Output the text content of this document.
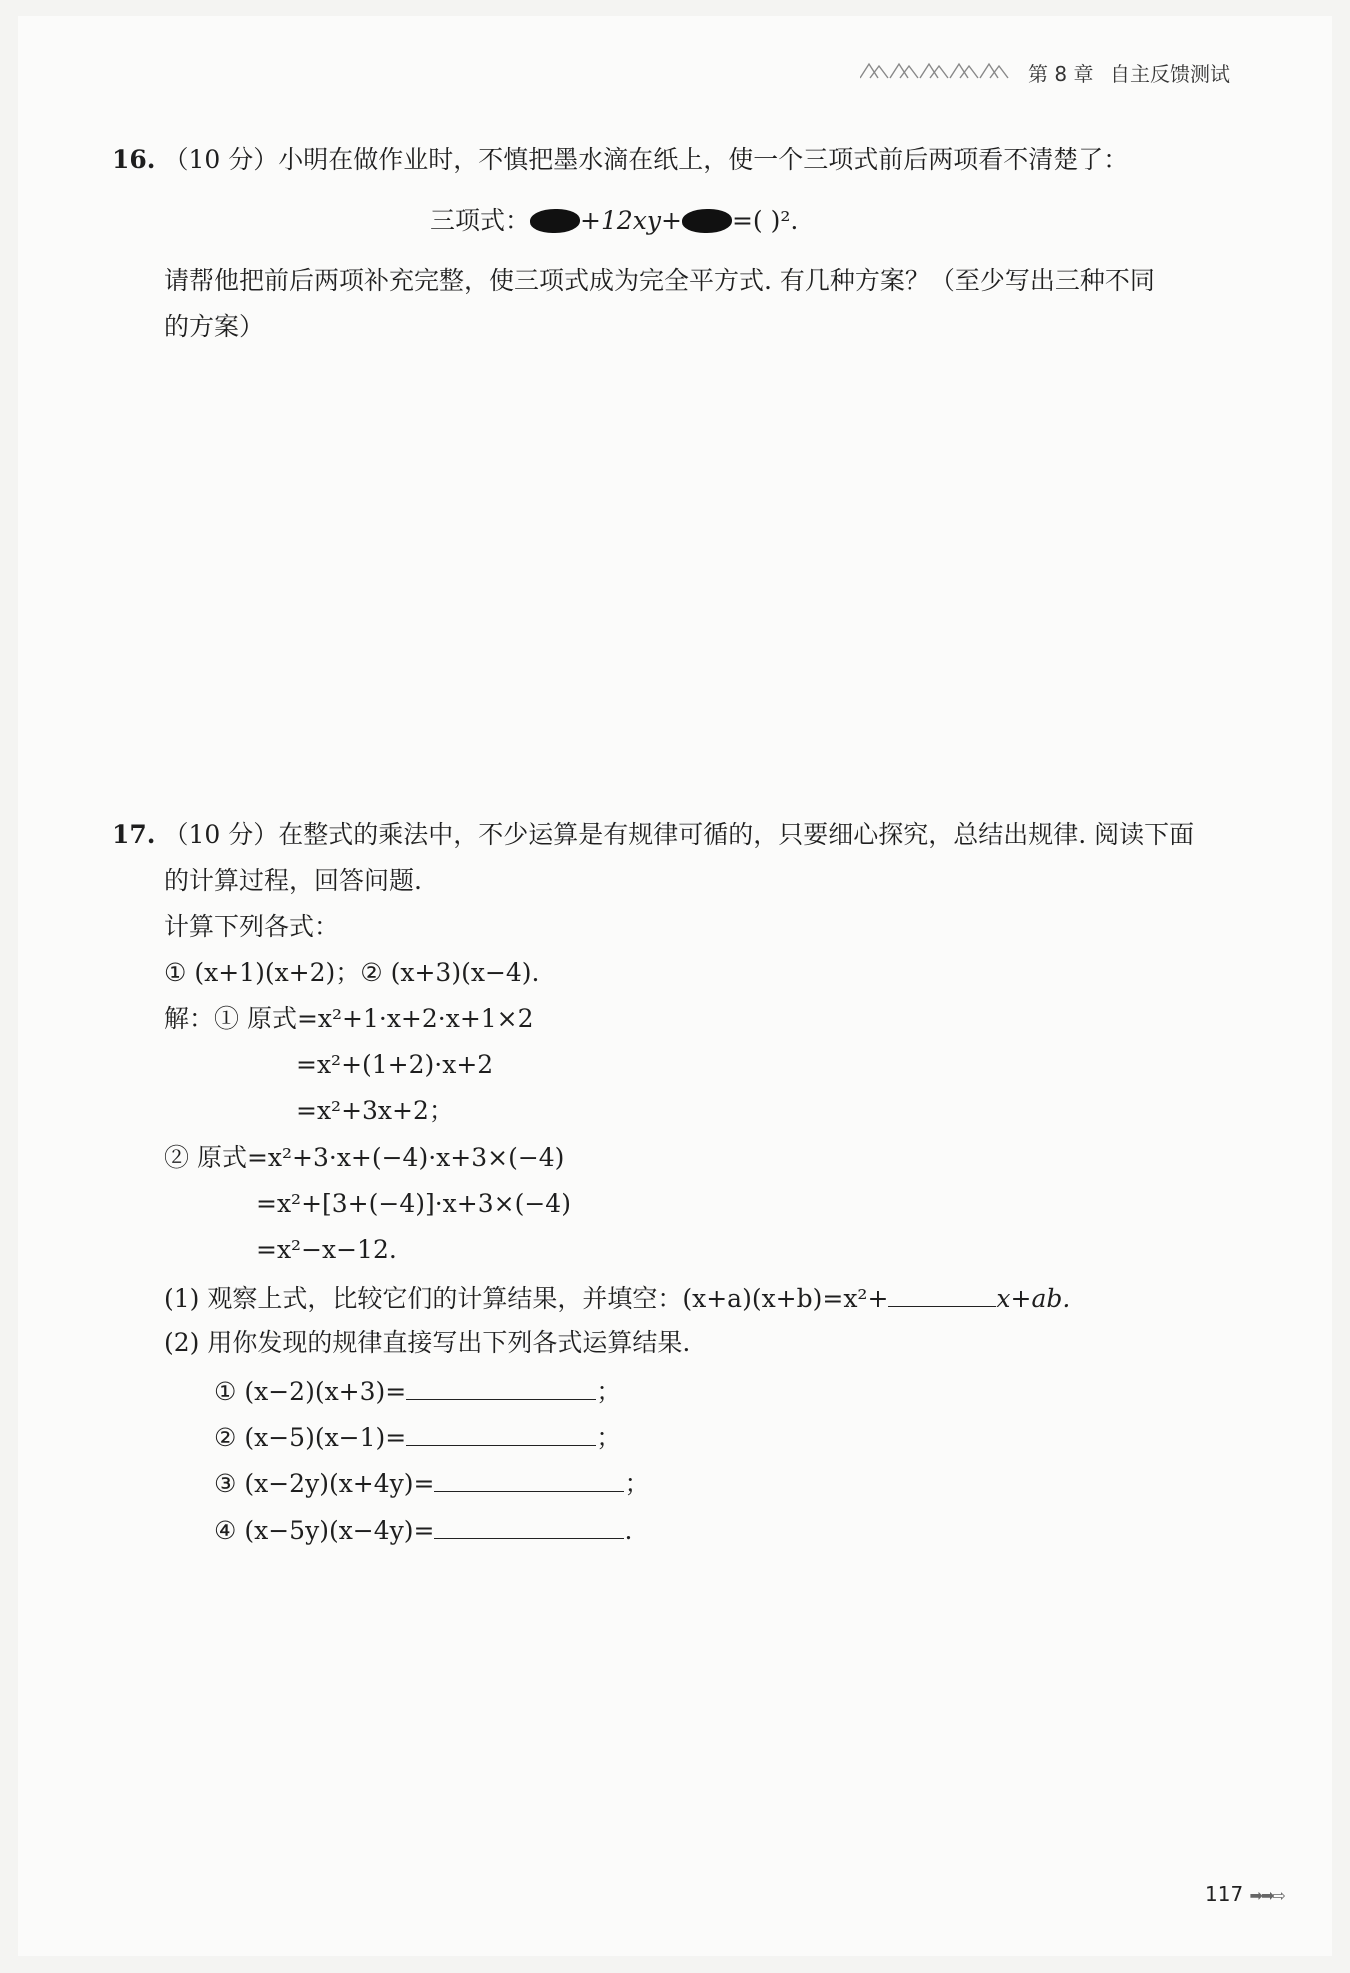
第 8 章 自主反馈测试
16. （10 分）小明在做作业时，不慎把墨水滴在纸上，使一个三项式前后两项看不清楚了：
三项式： +12xy+ =( )².
请帮他把前后两项补充完整，使三项式成为完全平方式. 有几种方案？（至少写出三种不同
的方案）
17. （10 分）在整式的乘法中，不少运算是有规律可循的，只要细心探究，总结出规律. 阅读下面
的计算过程，回答问题.
计算下列各式：
① (x+1)(x+2)；② (x+3)(x−4).
解：① 原式=x²+1·x+2·x+1×2
=x²+(1+2)·x+2
=x²+3x+2；
② 原式=x²+3·x+(−4)·x+3×(−4)
=x²+[3+(−4)]·x+3×(−4)
=x²−x−12.
(1) 观察上式，比较它们的计算结果，并填空：(x+a)(x+b)=x²+	x+ab.
(2) 用你发现的规律直接写出下列各式运算结果.
① (x−2)(x+3)=	；
② (x−5)(x−1)=	；
③ (x−2y)(x+4y)=	；
④ (x−5y)(x−4y)=	.
117 ➡➡⇨
